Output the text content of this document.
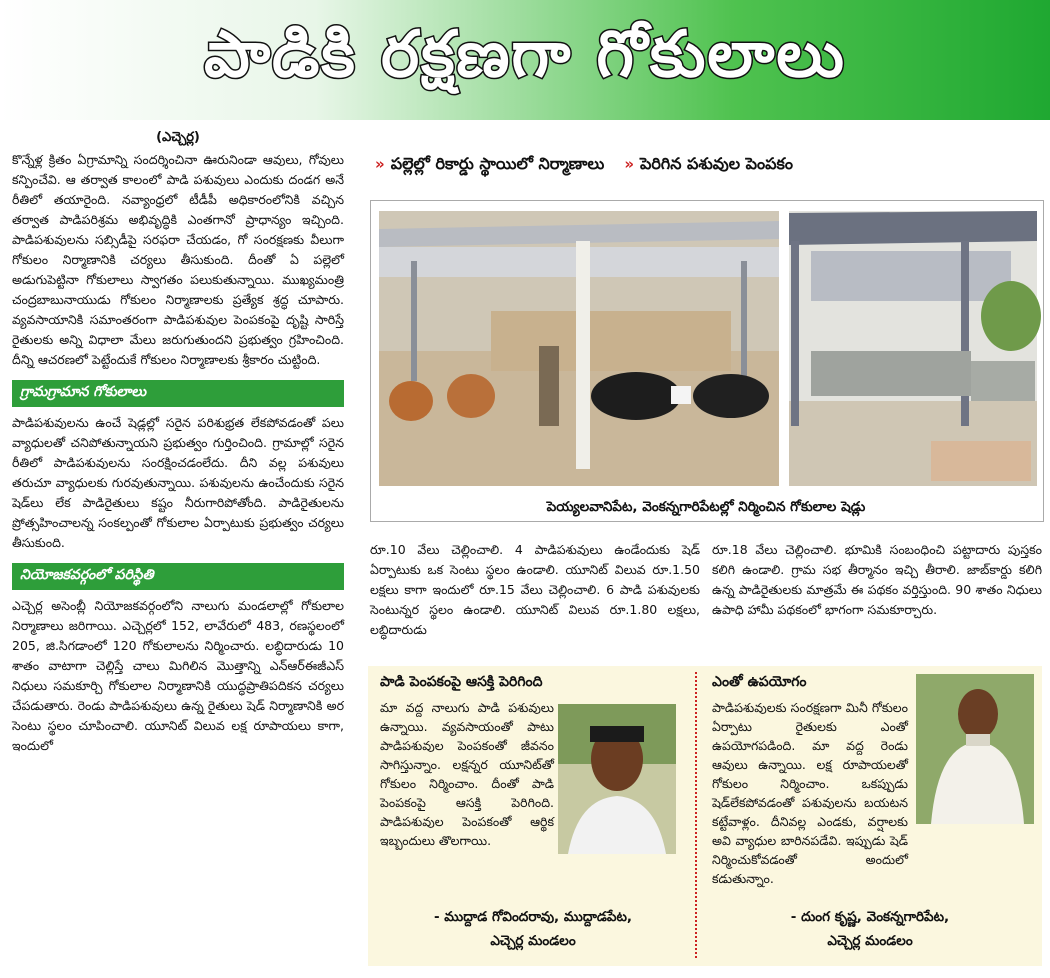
పాడికి రక్షణగా గోకులాలు

(ఎచ్చెర్ల)

కొన్నేళ్ల క్రితం ఏగ్రామాన్ని సందర్శించినా ఊరునిండా ఆవులు, గోవులు కన్పించేవి. ఆ తర్వాత కాలంలో పాడి పశువులు ఎందుకు దండగ అనే రీతిలో తయారైంది. నవ్యాంధ్రలో టీడీపీ అధికారంలోనికి వచ్చిన తర్వాత పాడిపరిశ్రమ అభివృద్ధికి ఎంతగానో ప్రాధాన్యం ఇచ్చింది. పాడిపశువులను సబ్సిడీపై సరఫరా చేయడం, గో సంరక్షణకు వీలుగా గోకులం నిర్మాణానికి చర్యలు తీసుకుంది. దీంతో ఏ పల్లెలో అడుగుపెట్టినా గోకులాలు స్వాగతం పలుకుతున్నాయి. ముఖ్యమంత్రి చంద్రబాబునాయుడు గోకులం నిర్మాణాలకు ప్రత్యేక శ్రద్ధ చూపారు. వ్యవసాయానికి సమాంతరంగా పాడిపశువుల పెంపకంపై దృష్టి సారిస్తే రైతులకు అన్ని విధాలా మేలు జరుగుతుందని ప్రభుత్వం గ్రహించింది. దీన్ని ఆచరణలో పెట్టేందుకే గోకులం నిర్మాణాలకు శ్రీకారం చుట్టింది.

గ్రామగ్రామాన గోకులాలు

పాడిపశువులను ఉంచే షెడ్లల్లో సరైన పరిశుభ్రత లేకపోవడంతో పలు వ్యాధులతో చనిపోతున్నాయని ప్రభుత్వం గుర్తించింది. గ్రామాల్లో సరైన రీతిలో పాడిపశువులను సంరక్షించడంలేదు. దీని వల్ల పశువులు తరుచూ వ్యాధులకు గురవుతున్నాయి. పశువులను ఉంచేందుకు సరైన షెడ్‌లు లేక పాడిరైతులు కష్టం నీరుగారిపోతోంది. పాడిరైతులను ప్రోత్సహించాలన్న సంకల్పంతో గోకులాల ఏర్పాటుకు ప్రభుత్వం చర్యలు తీసుకుంది.

నియోజకవర్గంలో పరిస్థితి

ఎచ్చెర్ల అసెంబ్లీ నియోజకవర్గంలోని నాలుగు మండలాల్లో గోకులాల నిర్మాణాలు జరిగాయి. ఎచ్చెర్లలో 152, లావేరులో 483, రణస్థలంలో 205, జి.సిగడాంలో 120 గోకులాలను నిర్మించారు. లబ్ధిదారుడు 10 శాతం వాటాగా చెల్లిస్తే చాలు మిగిలిన మొత్తాన్ని ఎన్‌ఆర్‌ఈజీఎస్ నిధులు సమకూర్చి గోకులాల నిర్మాణానికి యుద్ధప్రాతిపదికన చర్యలు చేపడుతారు. రెండు పాడిపశువులు ఉన్న రైతులు షెడ్ నిర్మాణానికి అర సెంటు స్థలం చూపించాలి. యూనిట్ విలువ లక్ష రూపాయలు కాగా, ఇందులో

» పల్లెల్లో రికార్డు స్థాయిలో నిర్మాణాలు » పెరిగిన పశువుల పెంపకం
పెయ్యలవానిపేట, వెంకన్నగారిపేటల్లో నిర్మించిన గోకులాల షెడ్లు

రూ.10 వేలు చెల్లించాలి. 4 పాడిపశువులు ఉండేందుకు షెడ్ ఏర్పాటుకు ఒక సెంటు స్థలం ఉండాలి. యూనిట్ విలువ రూ.1.50 లక్షలు కాగా ఇందులో రూ.15 వేలు చెల్లించాలి. 6 పాడి పశువులకు సెంటున్నర స్థలం ఉండాలి. యూనిట్ విలువ రూ.1.80 లక్షలు, లబ్ధిదారుడు

రూ.18 వేలు చెల్లించాలి. భూమికి సంబంధించి పట్టాదారు పుస్తకం కలిగి ఉండాలి. గ్రామ సభ తీర్మానం ఇచ్చి తీరాలి. జాబ్‌కార్డు కలిగి ఉన్న పాడిరైతులకు మాత్రమే ఈ పథకం వర్తిస్తుంది. 90 శాతం నిధులు ఉపాధి హామీ పథకంలో భాగంగా సమకూర్చారు.

పాడి పెంపకంపై ఆసక్తి పెరిగింది

మా వద్ద నాలుగు పాడి పశువులు ఉన్నాయి. వ్యవసాయంతో పాటు పాడిపశువుల పెంపకంతో జీవనం సాగిస్తున్నాం. లక్షన్నర యూనిట్‌తో గోకులం నిర్మించాం. దీంతో పాడి పెంపకంపై ఆసక్తి పెరిగింది. పాడిపశువుల పెంపకంతో ఆర్థిక ఇబ్బందులు తొలగాయి.

- ముద్దాడ గోవిందరావు, ముద్దాడపేట,

ఎచ్చెర్ల మండలం

ఎంతో ఉపయోగం

పాడిపశువులకు సంరక్షణగా మినీ గోకులం ఏర్పాటు రైతులకు ఎంతో ఉపయోగపడింది. మా వద్ద రెండు ఆవులు ఉన్నాయి. లక్ష రూపాయలతో గోకులం నిర్మించాం. ఒకప్పుడు షెడ్‌లేకపోవడంతో పశువులను బయటన కట్టేవాళ్లం. దీనివల్ల ఎండకు, వర్షాలకు అవి వ్యాధుల బారినపడేవి. ఇప్పుడు షెడ్ నిర్మించుకోవడంతో అందులో కడుతున్నాం.

- దుంగ కృష్ణ, వెంకన్నగారిపేట,

ఎచ్చెర్ల మండలం
